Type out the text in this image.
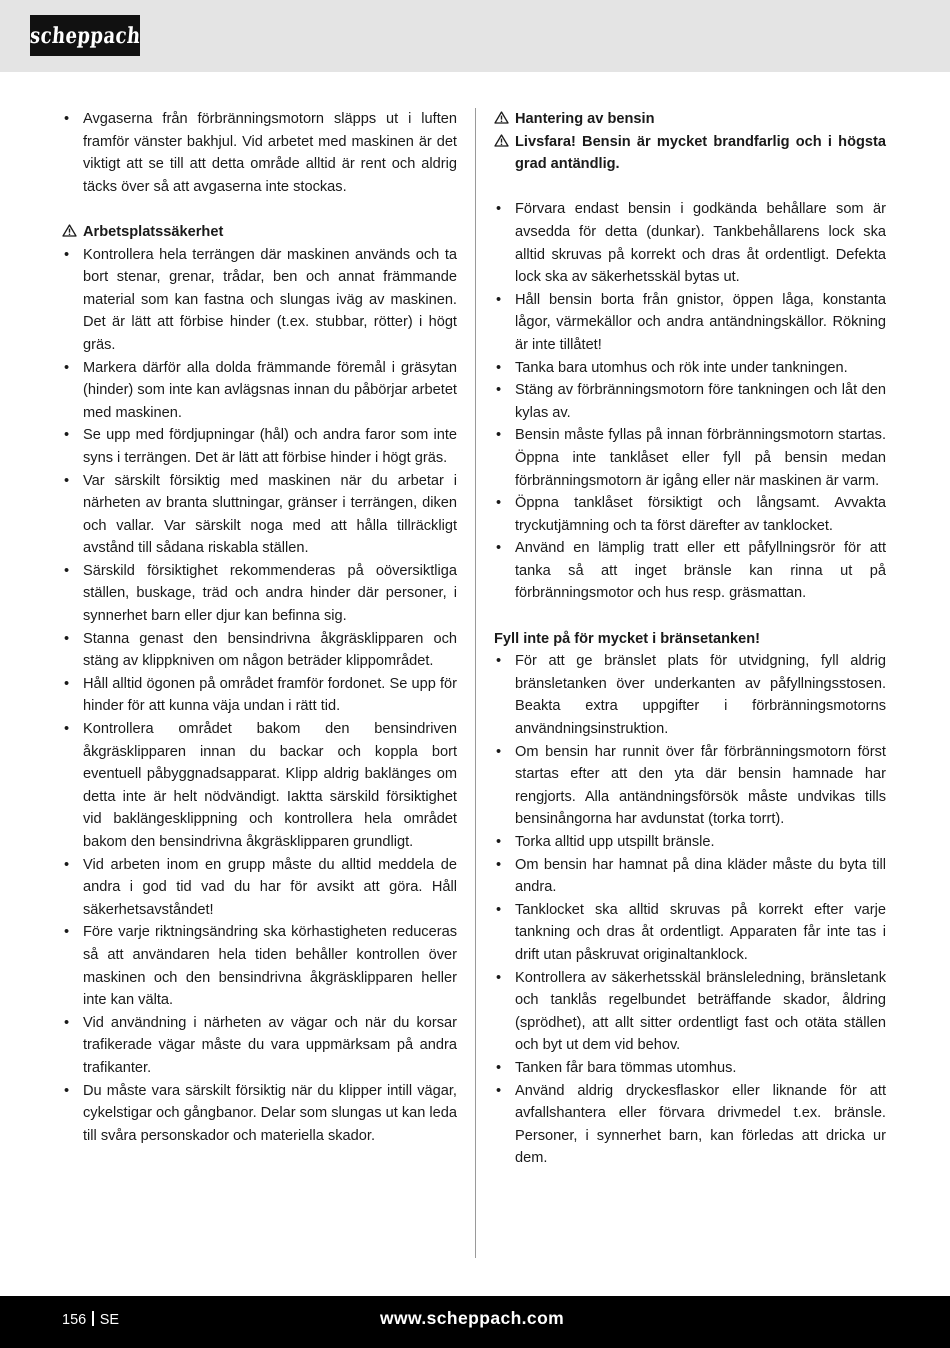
scheppach
• Avgaserna från förbränningsmotorn släpps ut i luften framför vänster bakhjul. Vid arbetet med maskinen är det viktigt att se till att detta område alltid är rent och aldrig täcks över så att avgaserna inte stockas.
Arbetsplatssäkerhet
• Kontrollera hela terrängen där maskinen används och ta bort stenar, grenar, trådar, ben och annat främmande material som kan fastna och slungas iväg av maskinen. Det är lätt att förbise hinder (t.ex. stubbar, rötter) i högt gräs.
• Markera därför alla dolda främmande föremål i gräsytan (hinder) som inte kan avlägsnas innan du påbörjar arbetet med maskinen.
• Se upp med fördjupningar (hål) och andra faror som inte syns i terrängen. Det är lätt att förbise hinder i högt gräs.
• Var särskilt försiktig med maskinen när du arbetar i närheten av branta sluttningar, gränser i terrängen, diken och vallar. Var särskilt noga med att hålla tillräckligt avstånd till sådana riskabla ställen.
• Särskild försiktighet rekommenderas på oöversiktliga ställen, buskage, träd och andra hinder där personer, i synnerhet barn eller djur kan befinna sig.
• Stanna genast den bensindrivna åkgräsklipparen och stäng av klippkniven om någon beträder klippområdet.
• Håll alltid ögonen på området framför fordonet. Se upp för hinder för att kunna väja undan i rätt tid.
• Kontrollera området bakom den bensindriven åkgräsklipparen innan du backar och koppla bort eventuell påbyggnadsapparat. Klipp aldrig baklänges om detta inte är helt nödvändigt. Iaktta särskild försiktighet vid baklängesklippning och kontrollera hela området bakom den bensindrivna åkgräsklipparen grundligt.
• Vid arbeten inom en grupp måste du alltid meddela de andra i god tid vad du har för avsikt att göra. Håll säkerhetsavståndet!
• Före varje riktningsändring ska körhastigheten reduceras så att användaren hela tiden behåller kontrollen över maskinen och den bensindrivna åkgräsklipparen heller inte kan välta.
• Vid användning i närheten av vägar och när du korsar trafikerade vägar måste du vara uppmärksam på andra trafikanter.
• Du måste vara särskilt försiktig när du klipper intill vägar, cykelstigar och gångbanor. Delar som slungas ut kan leda till svåra personskador och materiella skador.
Hantering av bensin
Livsfara! Bensin är mycket brandfarlig och i högsta grad antändlig.
• Förvara endast bensin i godkända behållare som är avsedda för detta (dunkar). Tankbehållarens lock ska alltid skruvas på korrekt och dras åt ordentligt. Defekta lock ska av säkerhetsskäl bytas ut.
• Håll bensin borta från gnistor, öppen låga, konstanta lågor, värmekällor och andra antändningskällor. Rökning är inte tillåtet!
• Tanka bara utomhus och rök inte under tankningen.
• Stäng av förbränningsmotorn före tankningen och låt den kylas av.
• Bensin måste fyllas på innan förbränningsmotorn startas. Öppna inte tanklåset eller fyll på bensin medan förbränningsmotorn är igång eller när maskinen är varm.
• Öppna tanklåset försiktigt och långsamt. Avvakta tryckutjämning och ta först därefter av tanklocket.
• Använd en lämplig tratt eller ett påfyllningsrör för att tanka så att inget bränsle kan rinna ut på förbränningsmotor och hus resp. gräsmattan.
Fyll inte på för mycket i bränsetanken!
• För att ge bränslet plats för utvidgning, fyll aldrig bränsletanken över underkanten av påfyllningsstosen. Beakta extra uppgifter i förbränningsmotorns användningsinstruktion.
• Om bensin har runnit över får förbränningsmotorn först startas efter att den yta där bensin hamnade har rengjorts. Alla antändningsförsök måste undvikas tills bensinångorna har avdunstat (torka torrt).
• Torka alltid upp utspillt bränsle.
• Om bensin har hamnat på dina kläder måste du byta till andra.
• Tanklocket ska alltid skruvas på korrekt efter varje tankning och dras åt ordentligt. Apparaten får inte tas i drift utan påskruvat originaltanklock.
• Kontrollera av säkerhetsskäl bränsleledning, bränsletank och tanklås regelbundet beträffande skador, åldring (sprödhet), att allt sitter ordentligt fast och otäta ställen och byt ut dem vid behov.
• Tanken får bara tömmas utomhus.
• Använd aldrig dryckesflaskor eller liknande för att avfallshantera eller förvara drivmedel t.ex. bränsle. Personer, i synnerhet barn, kan förledas att dricka ur dem.
156 SE	www.scheppach.com
